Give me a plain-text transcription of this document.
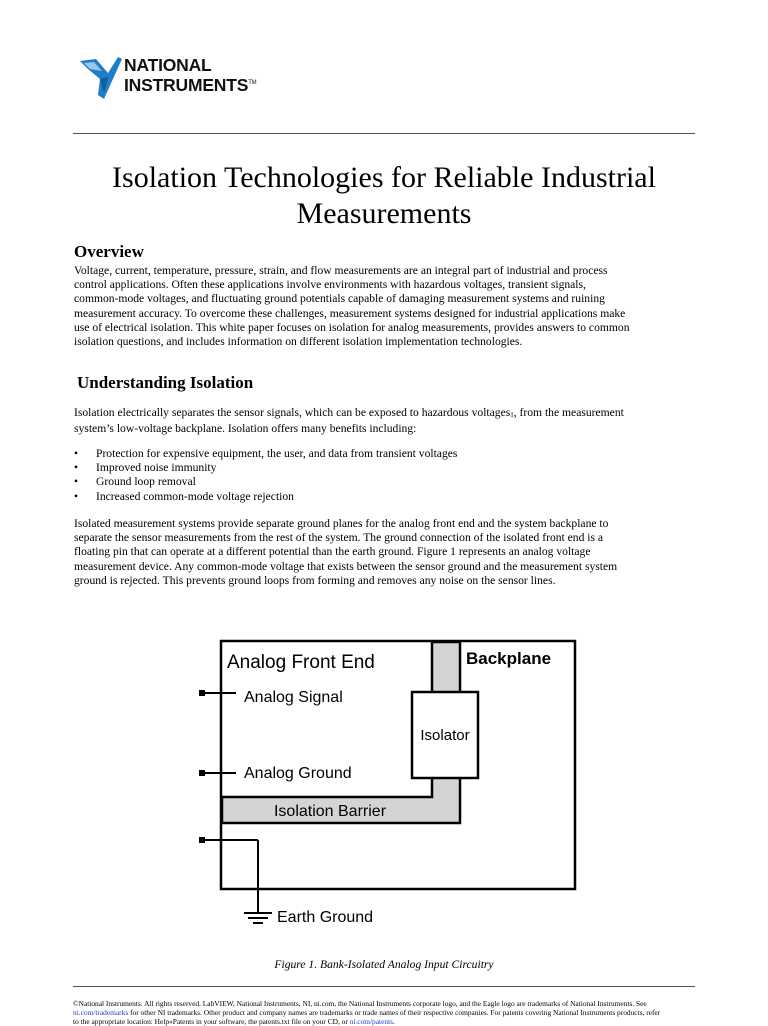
NATIONAL
INSTRUMENTS™
Isolation Technologies for Reliable Industrial
Measurements
Overview
Voltage, current, temperature, pressure, strain, and flow measurements are an integral part of industrial and process
control applications. Often these applications involve environments with hazardous voltages, transient signals,
common-mode voltages, and fluctuating ground potentials capable of damaging measurement systems and ruining
measurement accuracy. To overcome these challenges, measurement systems designed for industrial applications make
use of electrical isolation. This white paper focuses on isolation for analog measurements, provides answers to common
isolation questions, and includes information on different isolation implementation technologies.
Understanding Isolation
Isolation electrically separates the sensor signals, which can be exposed to hazardous voltages1, from the measurement
system’s low-voltage backplane. Isolation offers many benefits including:
• Protection for expensive equipment, the user, and data from transient voltages
• Improved noise immunity
• Ground loop removal
• Increased common-mode voltage rejection
Isolated measurement systems provide separate ground planes for the analog front end and the system backplane to
separate the sensor measurements from the rest of the system. The ground connection of the isolated front end is a
floating pin that can operate at a different potential than the earth ground. Figure 1 represents an analog voltage
measurement device. Any common-mode voltage that exists between the sensor ground and the measurement system
ground is rejected. This prevents ground loops from forming and removes any noise on the sensor lines.
Analog Front End	Backplane
Analog Signal
Isolator
Analog Ground
Isolation Barrier
Earth Ground
Figure 1. Bank-Isolated Analog Input Circuitry
©National Instruments. All rights reserved. LabVIEW, National Instruments, NI, ni.com, the National Instruments corporate logo, and the Eagle logo are trademarks of National Instruments. See
ni.com/trademarks for other NI trademarks. Other product and company names are trademarks or trade names of their respective companies. For patents covering National Instruments products, refer
to the appropriate location: Help»Patents in your software, the patents.txt file on your CD, or ni.com/patents.
